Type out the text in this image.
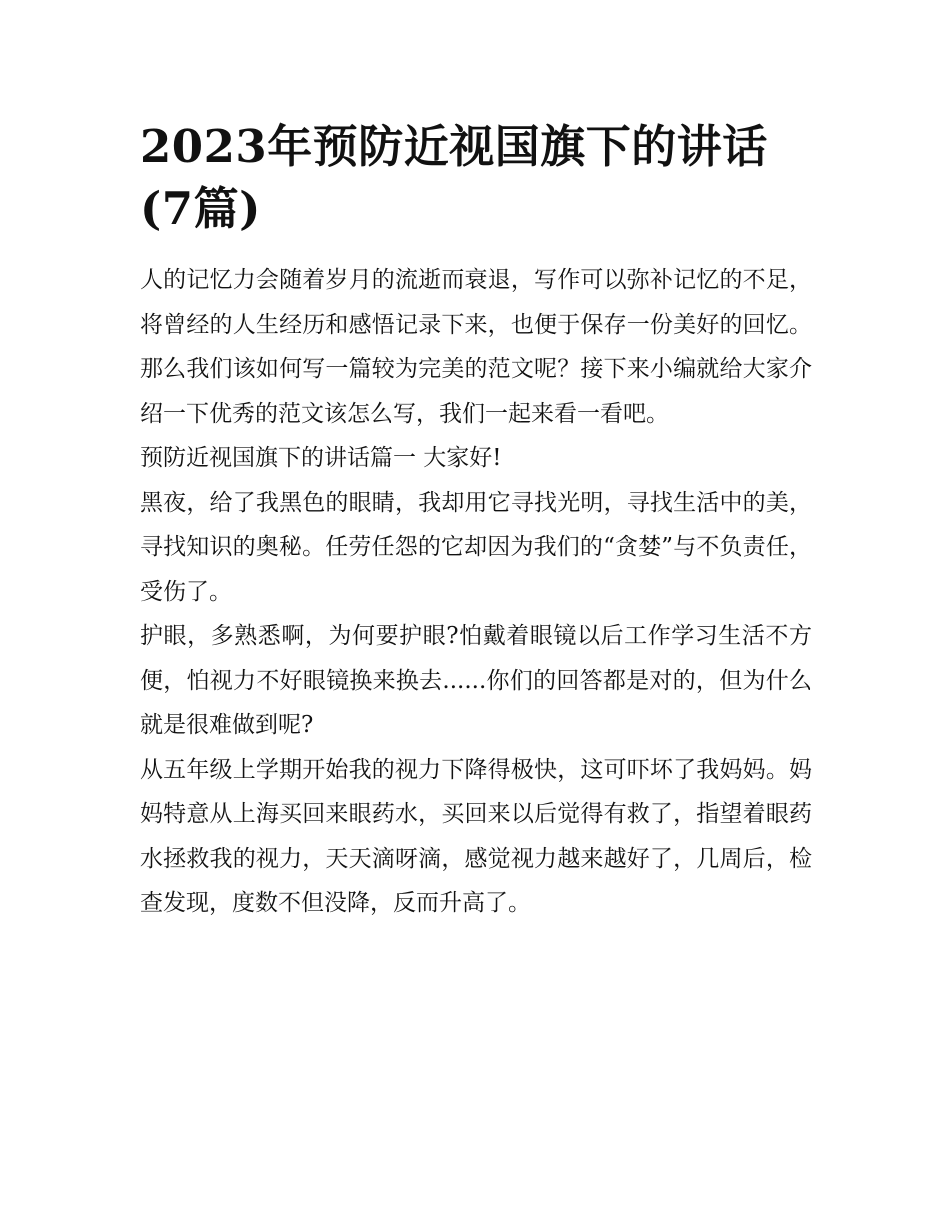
2023年预防近视国旗下的讲话(7篇)

人的记忆力会随着岁月的流逝而衰退，写作可以弥补记忆的不足，将曾经的人生经历和感悟记录下来，也便于保存一份美好的回忆。那么我们该如何写一篇较为完美的范文呢？接下来小编就给大家介绍一下优秀的范文该怎么写，我们一起来看一看吧。

预防近视国旗下的讲话篇一 大家好!

黑夜，给了我黑色的眼睛，我却用它寻找光明，寻找生活中的美，寻找知识的奥秘。任劳任怨的它却因为我们的“贪婪”与不负责任，受伤了。

护眼，多熟悉啊，为何要护眼?怕戴着眼镜以后工作学习生活不方便，怕视力不好眼镜换来换去......你们的回答都是对的，但为什么就是很难做到呢?

从五年级上学期开始我的视力下降得极快，这可吓坏了我妈妈。妈妈特意从上海买回来眼药水，买回来以后觉得有救了，指望着眼药水拯救我的视力，天天滴呀滴，感觉视力越来越好了，几周后，检查发现，度数不但没降，反而升高了。
